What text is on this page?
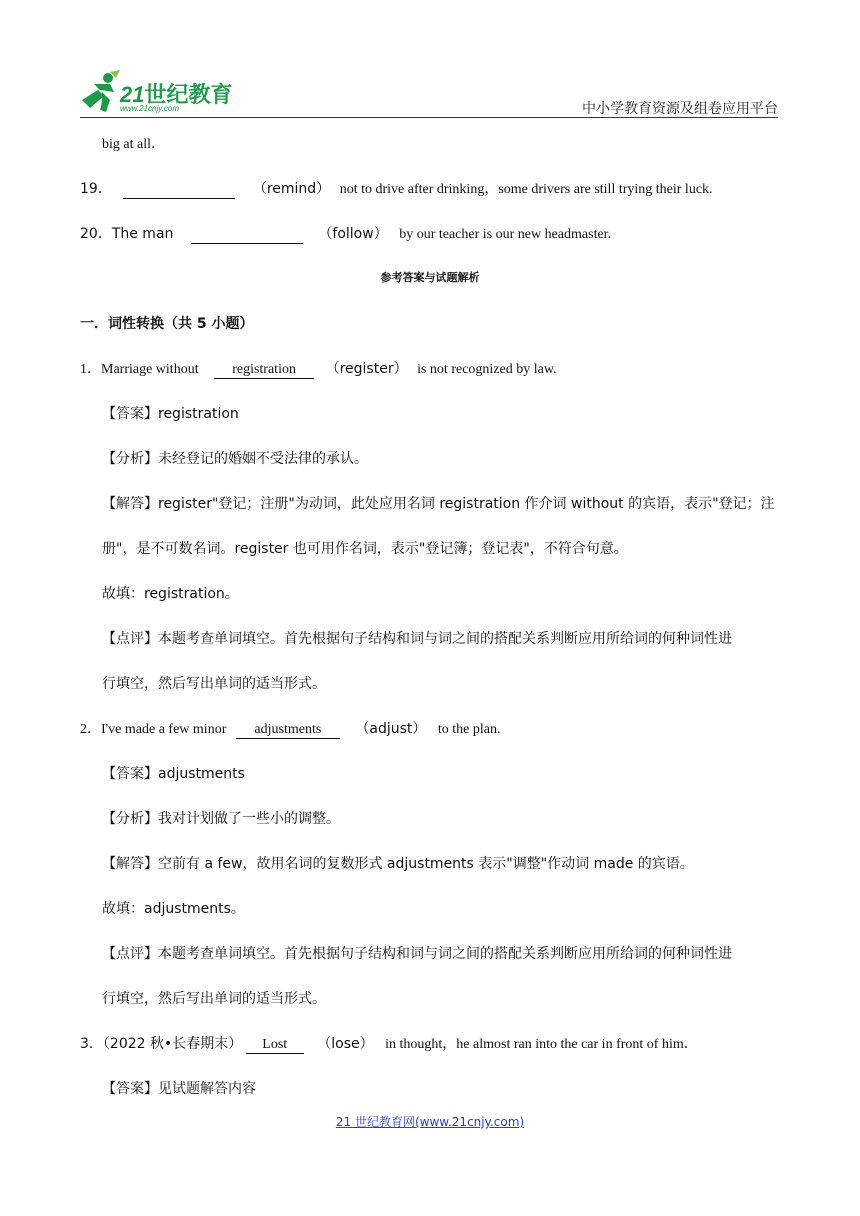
21世纪教育
www.21cnjy.com	中小学教育资源及组卷应用平台
big at all．
19．	（remind） not to drive after drinking，some drivers are still trying their luck.
20．The man	（follow） by our teacher is our new headmaster.
参考答案与试题解析
一．词性转换（共 5 小题）
1．Marriage without registration （register） is not recognized by law.
【答案】registration
【分析】未经登记的婚姻不受法律的承认。
【解答】register"登记；注册"为动词，此处应用名词 registration 作介词 without 的宾语，表示"登记；注
册"，是不可数名词。register 也可用作名词，表示"登记簿；登记表"，不符合句意。
故填：registration。
【点评】本题考查单词填空。首先根据句子结构和词与词之间的搭配关系判断应用所给词的何种词性进
行填空，然后写出单词的适当形式。
2．I've made a few minor adjustments （adjust） to the plan.
【答案】adjustments
【分析】我对计划做了一些小的调整。
【解答】空前有 a few，故用名词的复数形式 adjustments 表示"调整"作动词 made 的宾语。
故填：adjustments。
【点评】本题考查单词填空。首先根据句子结构和词与词之间的搭配关系判断应用所给词的何种词性进
行填空，然后写出单词的适当形式。
3．（2022 秋•长春期末） Lost （lose） in thought，he almost ran into the car in front of him．
【答案】见试题解答内容
21 世纪教育网(www.21cnjy.com)
